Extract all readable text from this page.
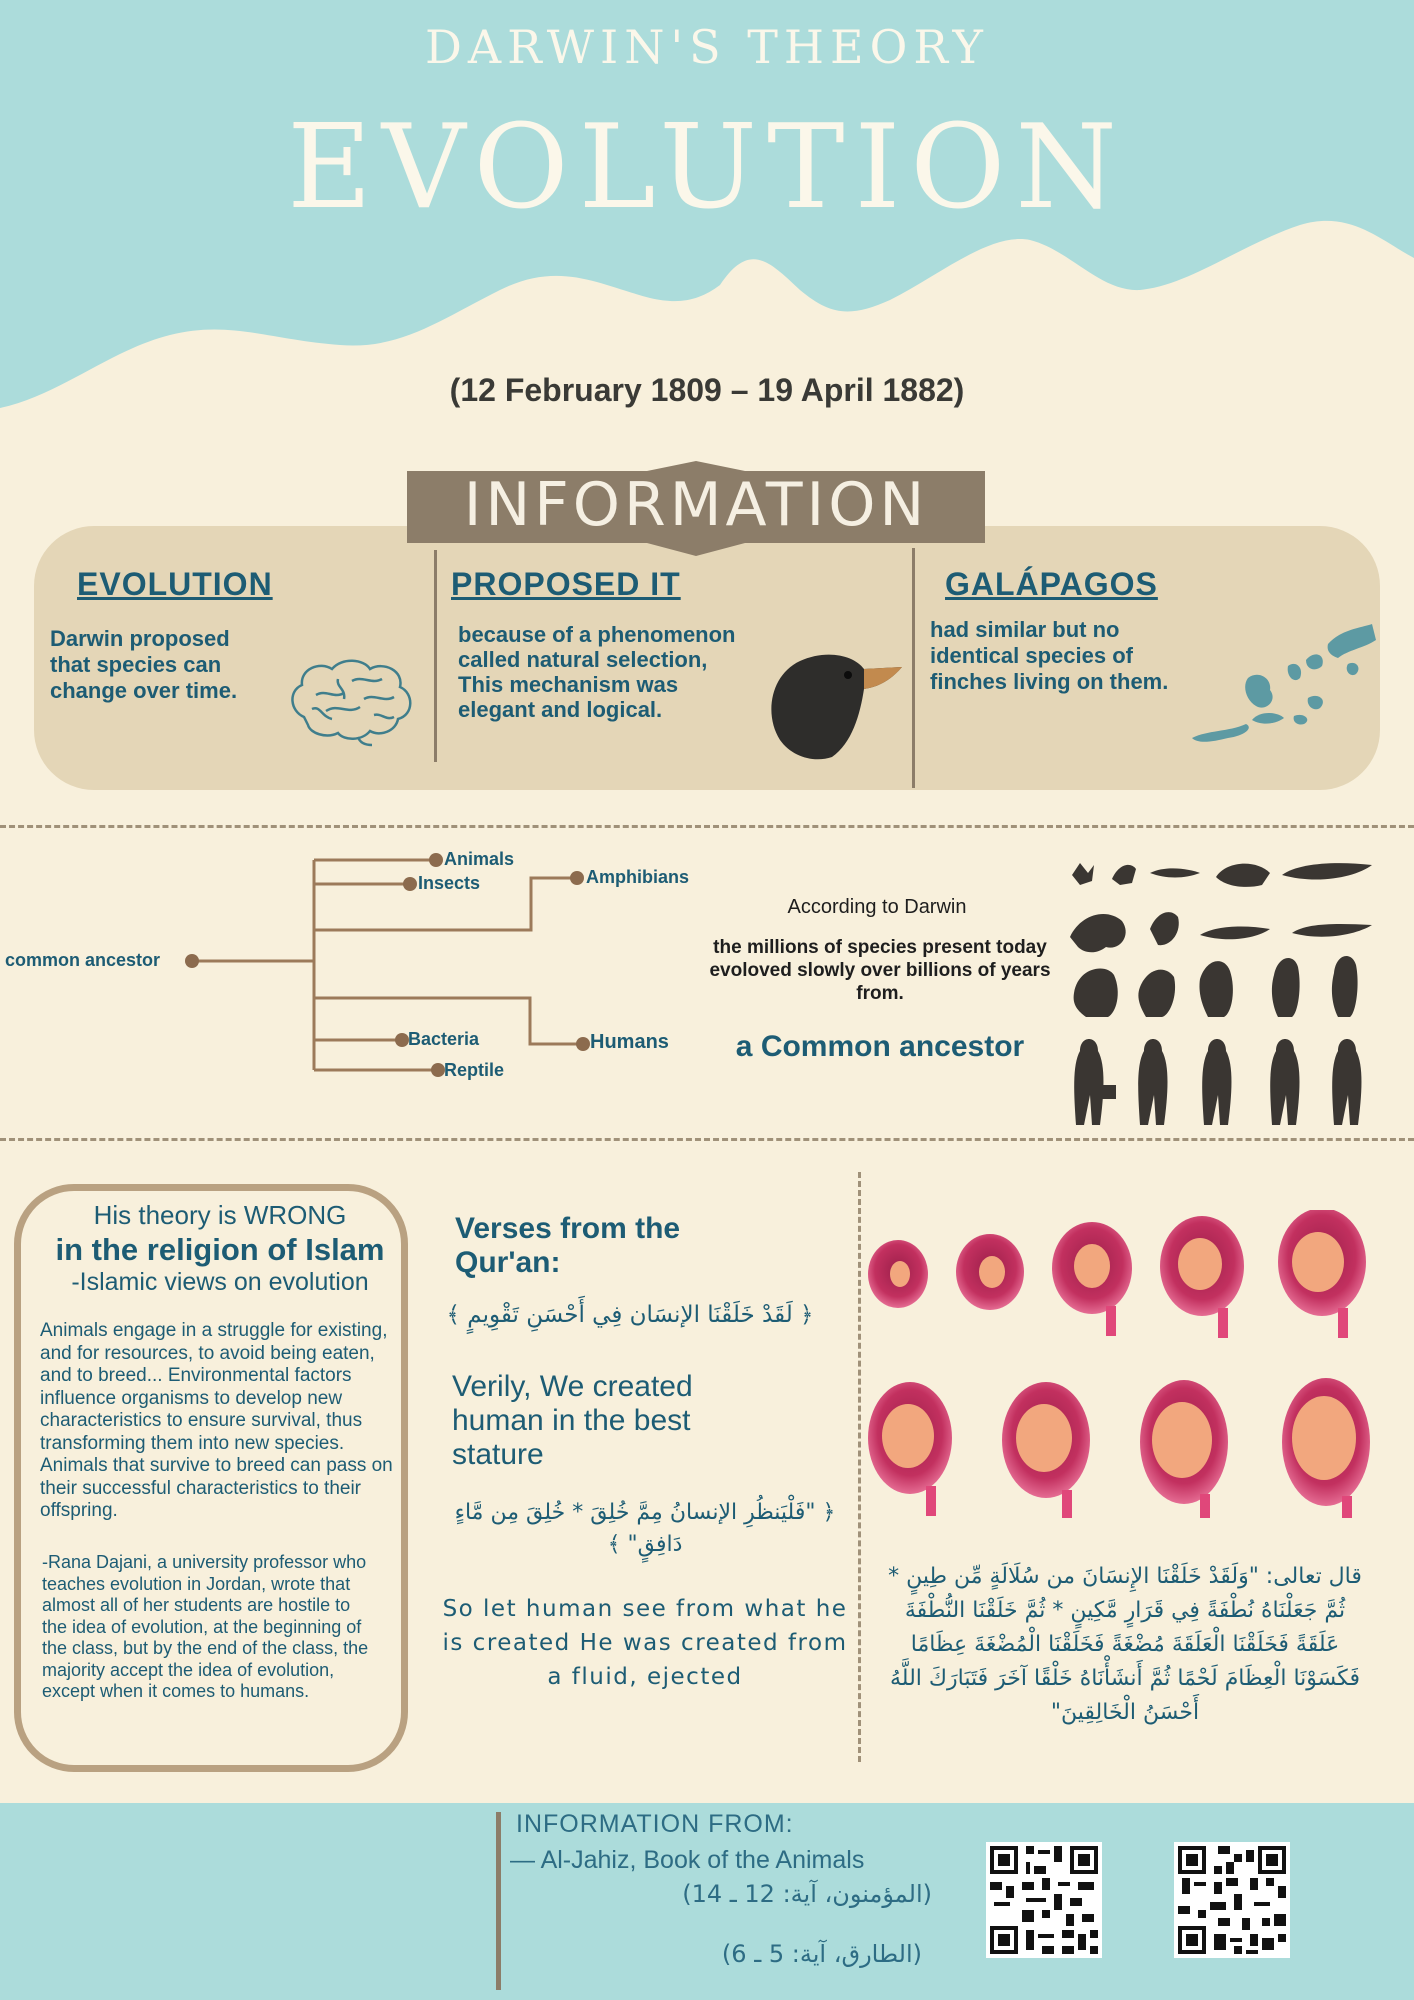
DARWIN'S THEORY
EVOLUTION
(12 February 1809 – 19 April 1882)
INFORMATION
EVOLUTION
Darwin proposed that species can change over time.
PROPOSED IT
because of a phenomenon called natural selection, This mechanism was elegant and logical.
GALÁPAGOS
had similar but no identical species of finches living on them.
common ancestor
Animals
Insects	Amphibians
Bacteria
Reptile
Humans
According to Darwin
the millions of species present today evoloved slowly over billions of years from.
a Common ancestor
His theory is WRONG
in the religion of Islam
-Islamic views on evolution
Animals engage in a struggle for existing, and for resources, to avoid being eaten, and to breed... Environmental factors influence organisms to develop new characteristics to ensure survival, thus transforming them into new species. Animals that survive to breed can pass on their successful characteristics to their offspring.
-Rana Dajani, a university professor who teaches evolution in Jordan, wrote that almost all of her students are hostile to the idea of evolution, at the beginning of the class, but by the end of the class, the majority accept the idea of evolution, except when it comes to humans.
Verses from the Qur'an:
﴿ لَقَدْ خَلَقْنَا الإنسَان فِي أَحْسَنِ تَقْوِيمٍ ﴾
Verily, We created human in the best stature
﴿ "فَلْيَنظُرِ الإنسانُ مِمَّ خُلِقَ * خُلِقَ مِن مَّاءٍ دَافِقٍ" ﴾
So let human see from what he is created He was created from a fluid, ejected
قال تعالى: "وَلَقَدْ خَلَقْنَا الإِنسَانَ من سُلَالَةٍ مِّن طِينٍ * ثُمَّ جَعَلْنَاهُ نُطْفَةً فِي قَرَارٍ مَّكِينٍ * ثُمَّ خَلَقْنَا النُّطْفَةَ عَلَقَةً فَخَلَقْنَا الْعَلَقَةَ مُضْغَةً فَخَلَقْنَا الْمُضْغَةَ عِظَامًا فَكَسَوْنَا الْعِظَامَ لَحْمًا ثُمَّ أَنشَأْنَاهُ خَلْقًا آخَرَ فَتَبَارَكَ اللَّهُ أَحْسَنُ الْخَالِقِينَ"
INFORMATION FROM:
— Al-Jahiz, Book of the Animals
(المؤمنون، آية: 12 ـ 14)
(الطارق، آية: 5 ـ 6)
